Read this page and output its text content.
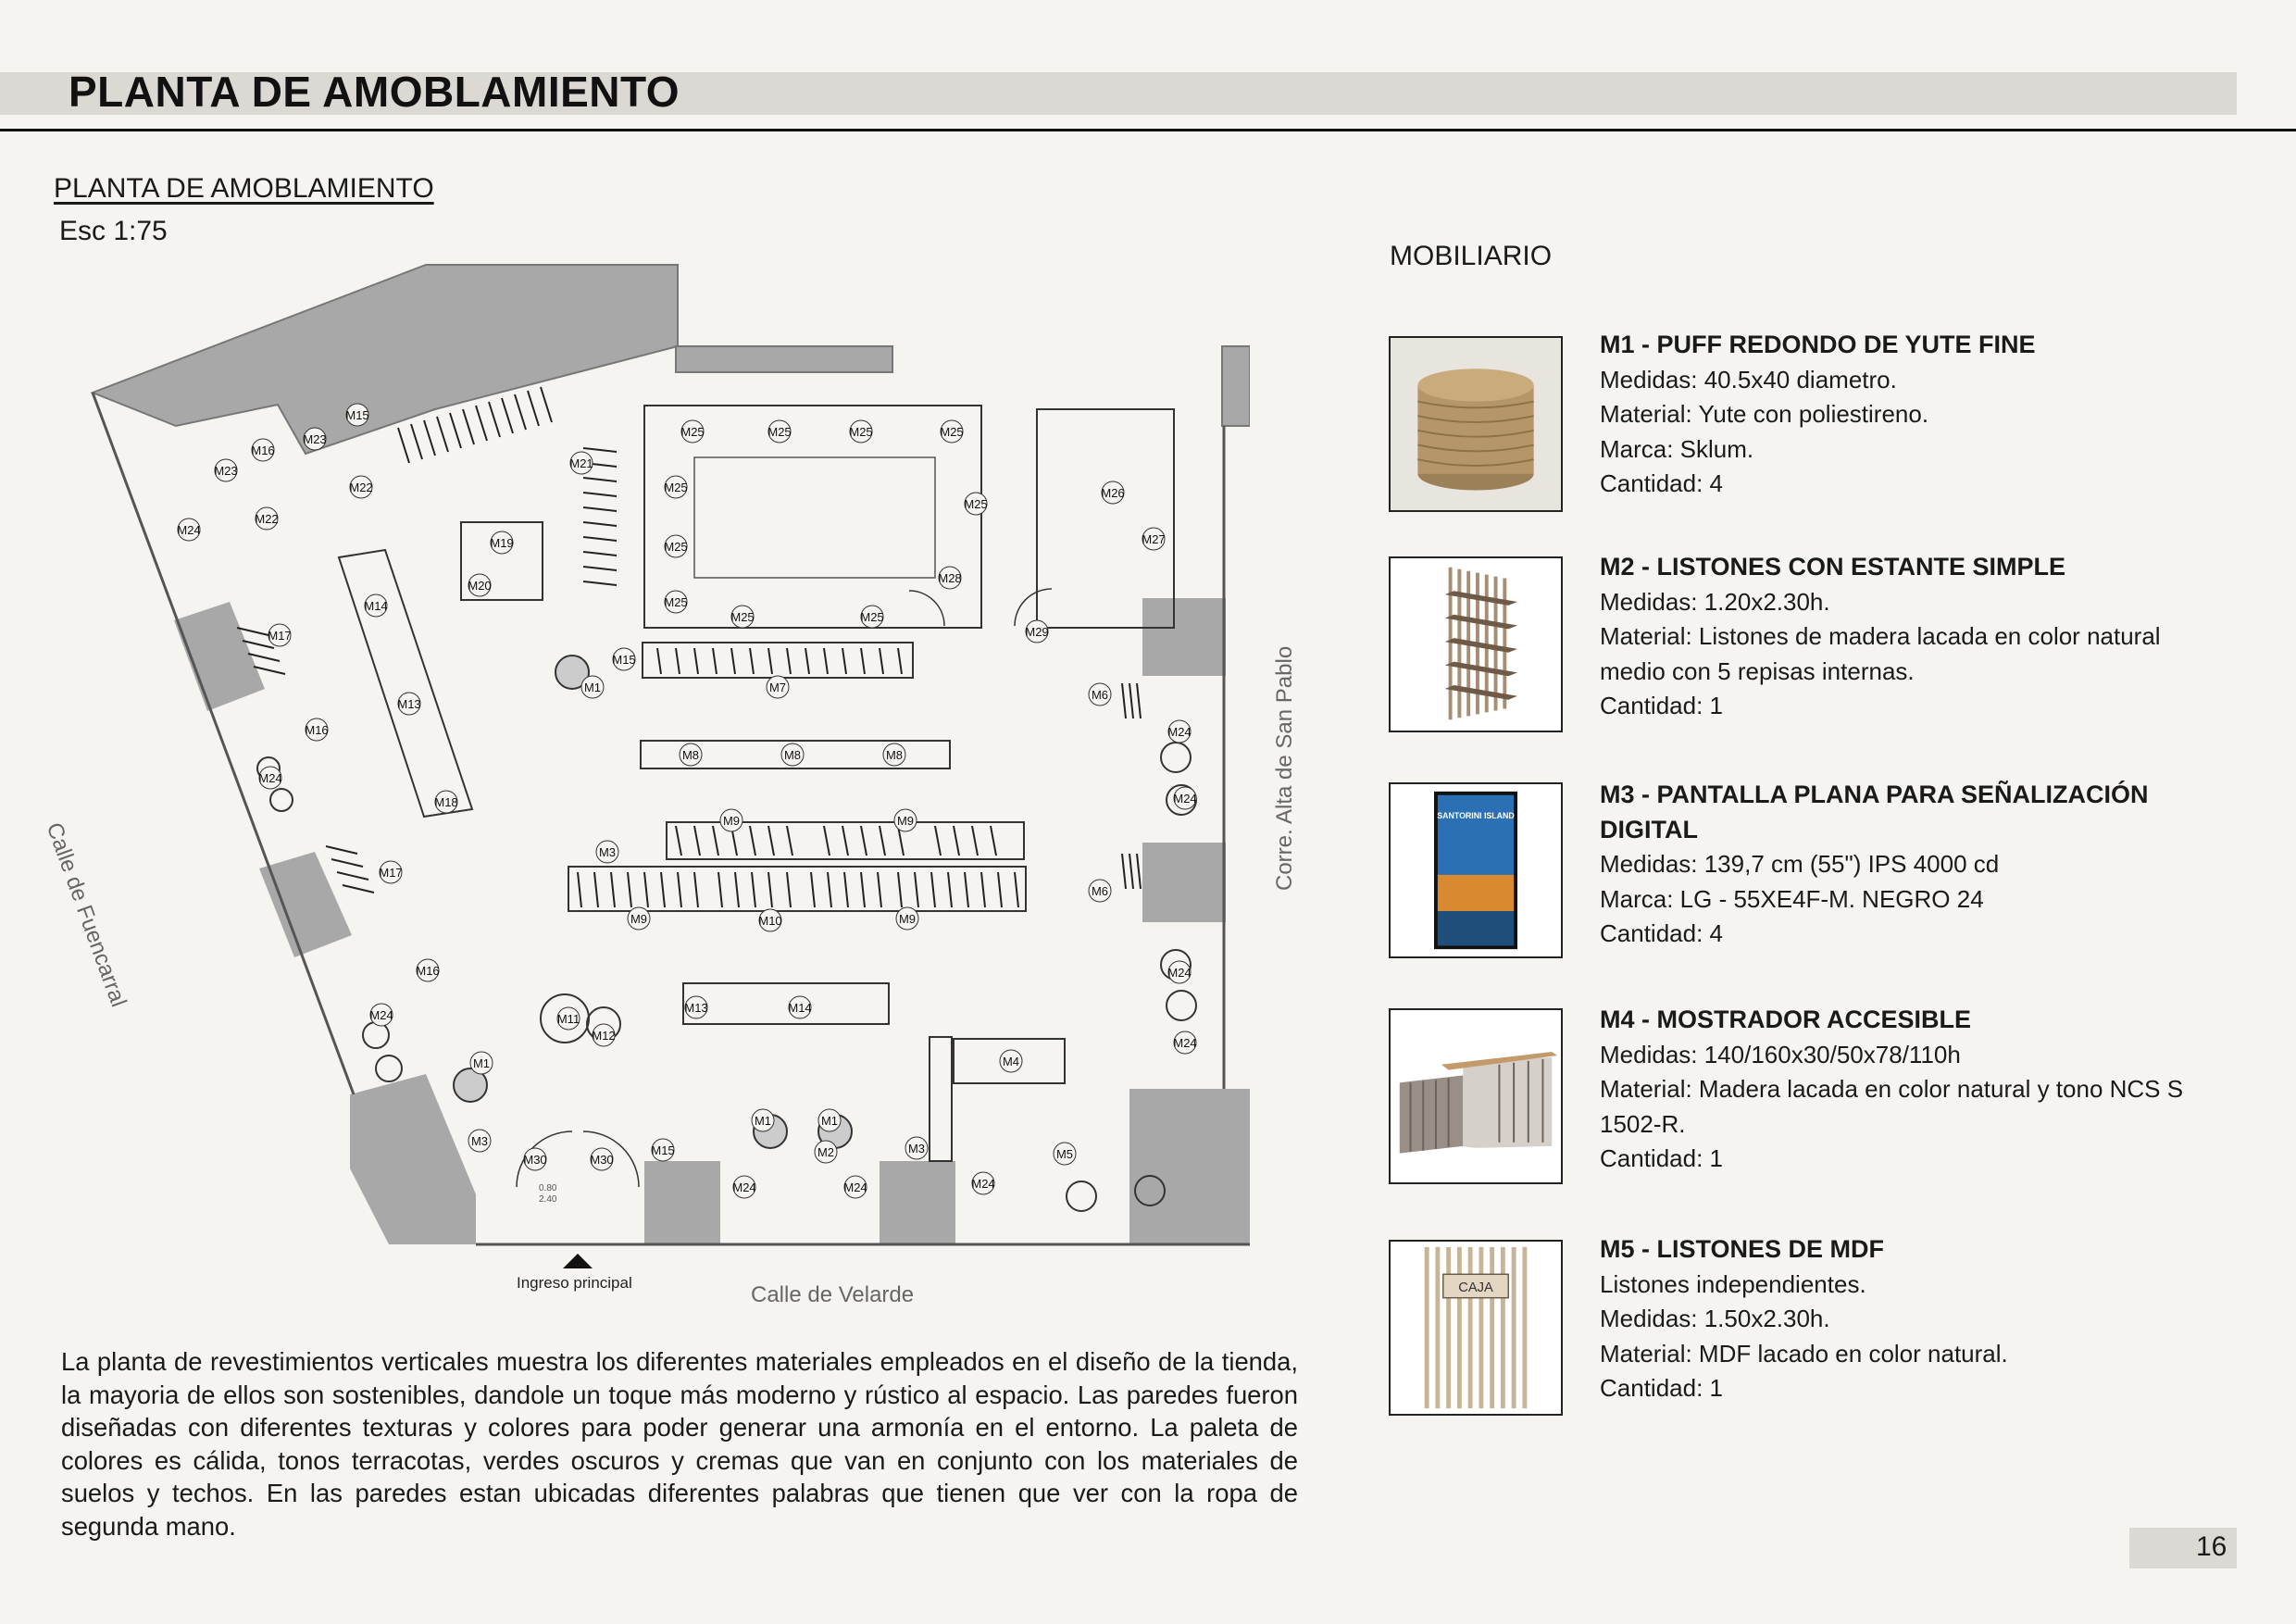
PLANTA DE AMOBLAMIENTO
PLANTA DE AMOBLAMIENTO
Esc 1:75
0.80
2.40
M1
M1
M1	M1
M2
M3
M3
M3
M4
M5
M6
M6
M7
M8	M8	M8
M9	M9
M9	M9
M10
M11
M12
M13
M13
M14
M14
M15
M15
M15
M16
M16
M16
M17
M17
M18
M19
M20
M21
M22
M22
M23
M23
M24
M24
M24
M24
M24
M24
M24
M24	M24	M24
M25	M25	M25	M25
M25
M25
M25
M25	M25
M25
M26
M27
M28
M29
M30	M30
Ingreso principal	Calle de Velarde
Calle de Fuencarral
Corre. Alta de San Pablo
La planta de revestimientos verticales muestra los diferentes materiales empleados en el diseño de la tienda, la mayoria de ellos son sostenibles, dandole un toque más moderno y rústico al espacio. Las paredes fueron diseñadas con diferentes texturas y colores para poder generar una armonía en el entorno. La paleta de colores es cálida, tonos terracotas, verdes oscuros y cremas que van en conjunto con los materiales de suelos y techos. En las paredes estan ubicadas diferentes palabras que tienen que ver con la ropa de segunda mano.
MOBILIARIO
M1 - PUFF REDONDO DE YUTE FINE
Medidas: 40.5x40 diametro.
Material: Yute con poliestireno.
Marca: Sklum.
Cantidad: 4
M2 - LISTONES CON ESTANTE SIMPLE
Medidas: 1.20x2.30h.
Material: Listones de madera lacada en color natural medio con 5 repisas internas.
Cantidad: 1
SANTORINI ISLAND
M3 - PANTALLA PLANA PARA SEÑALIZACIÓN DIGITAL
Medidas: 139,7 cm (55") IPS 4000 cd
Marca: LG - 55XE4F-M. NEGRO 24
Cantidad: 4
M4 - MOSTRADOR ACCESIBLE
Medidas: 140/160x30/50x78/110h
Material: Madera lacada en color natural y tono NCS S 1502-R.
Cantidad: 1
CAJA
M5 - LISTONES DE MDF
Listones independientes.
Medidas: 1.50x2.30h.
Material: MDF lacado en color natural.
Cantidad: 1
16
